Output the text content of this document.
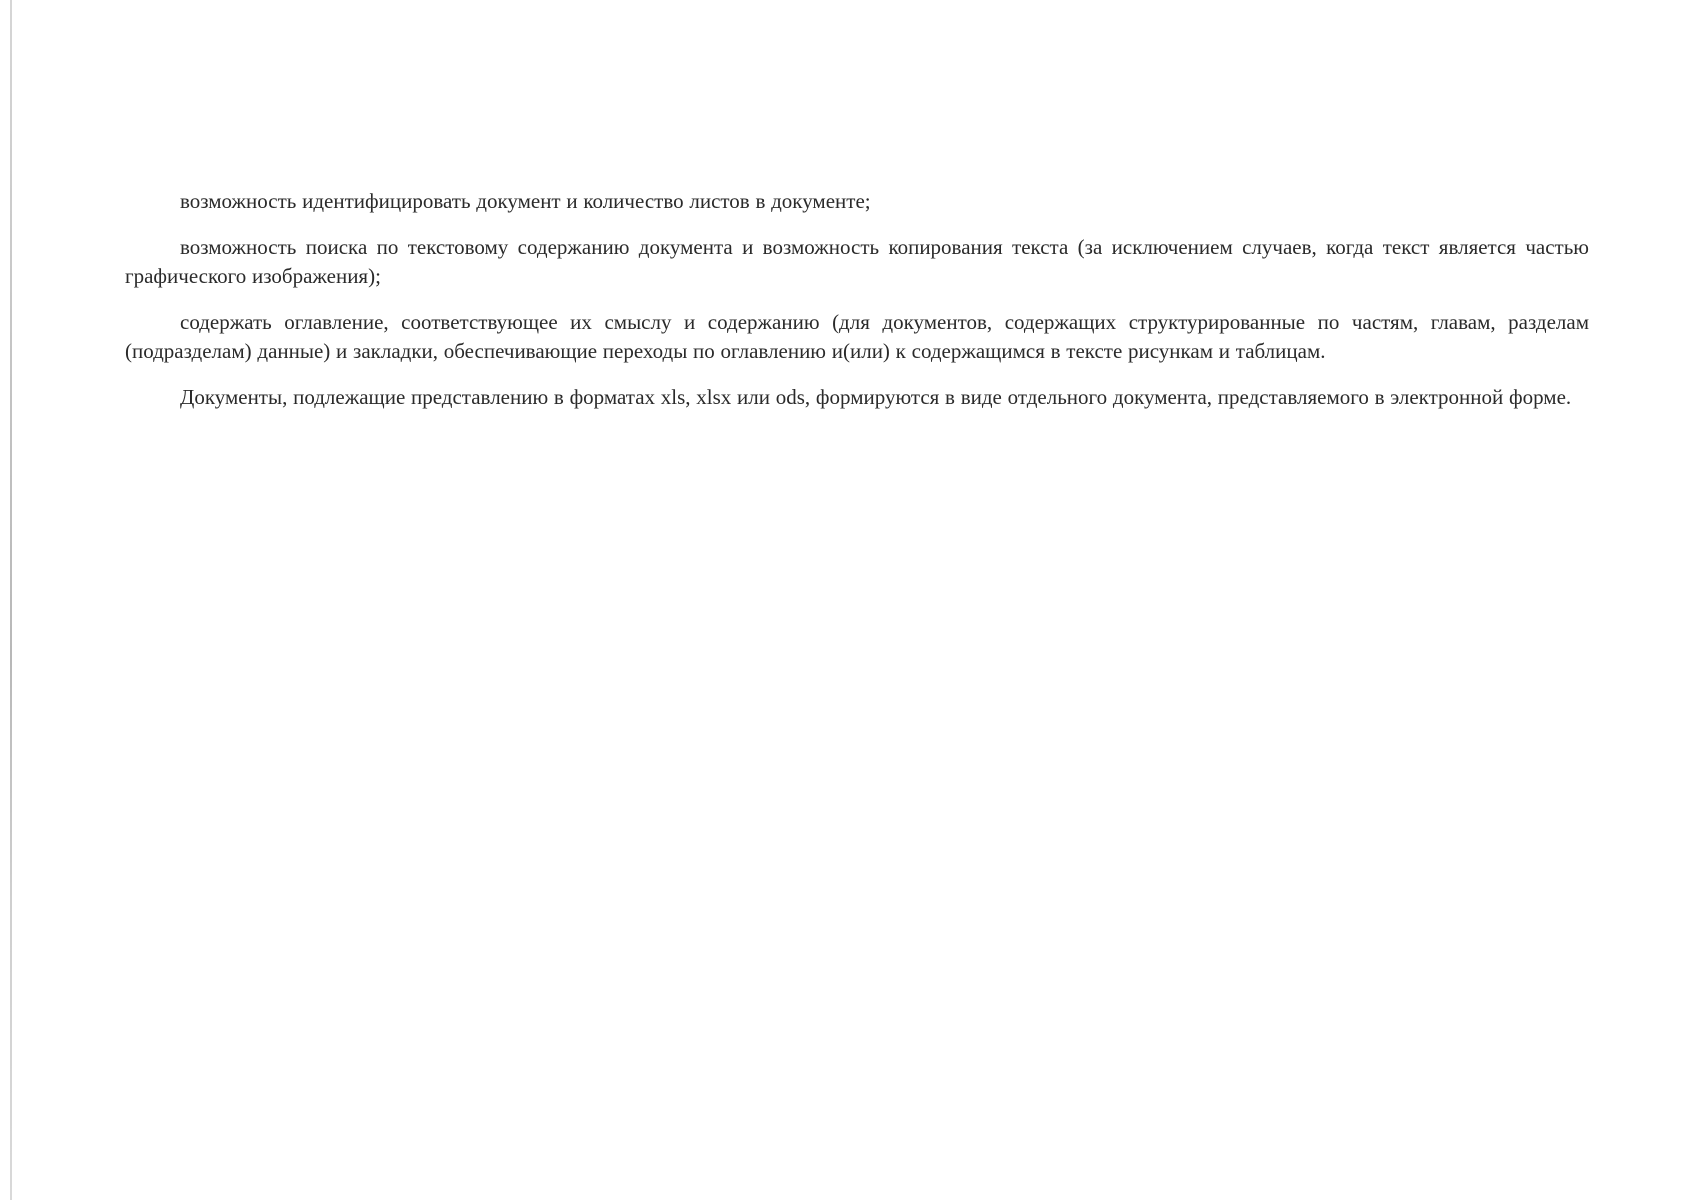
возможность идентифицировать документ и количество листов в документе;

возможность поиска по текстовому содержанию документа и возможность копирования текста (за исключением случаев, когда текст является частью графического изображения);

содержать оглавление, соответствующее их смыслу и содержанию (для документов, содержащих структурированные по частям, главам, разделам (подразделам) данные) и закладки, обеспечивающие переходы по оглавлению и(или) к содержащимся в тексте рисункам и таблицам.

Документы, подлежащие представлению в форматах xls, xlsx или ods, формируются в виде отдельного документа, представляемого в электронной форме.
